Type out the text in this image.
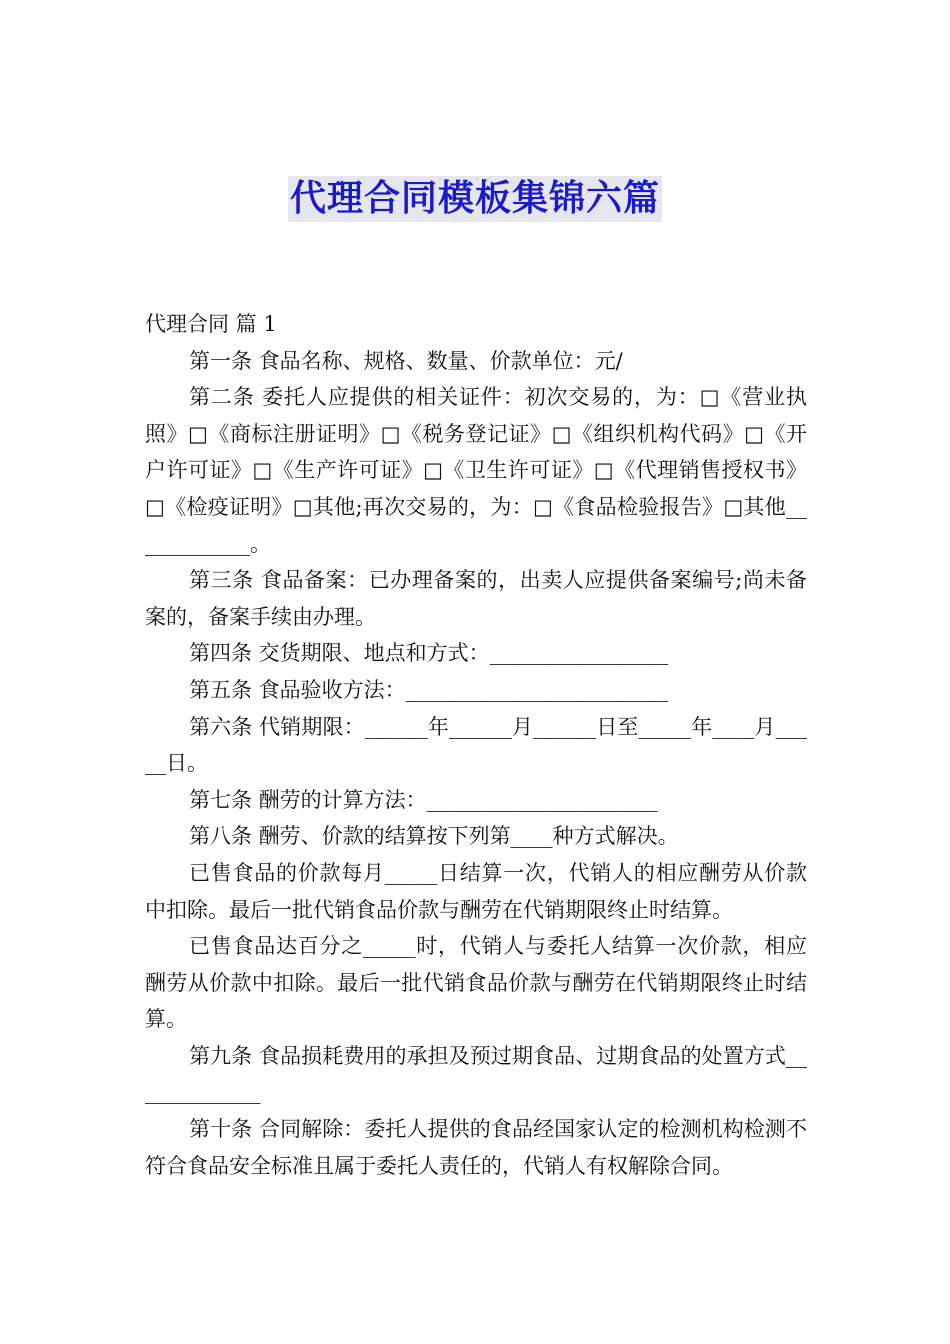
代理合同模板集锦六篇

代理合同 篇 1

第一条 食品名称、规格、数量、价款单位：元/

第二条 委托人应提供的相关证件：初次交易的，为：□《营业执照》□《商标注册证明》□《税务登记证》□《组织机构代码》□《开户许可证》□《生产许可证》□《卫生许可证》□《代理销售授权书》□《检疫证明》□其他;再次交易的，为：□《食品检验报告》□其他____________。

第三条 食品备案：已办理备案的，出卖人应提供备案编号;尚未备案的，备案手续由办理。

第四条 交货期限、地点和方式：_________________

第五条 食品验收方法：_________________________

第六条 代销期限：______年______月______日至_____年____月_____日。

第七条 酬劳的计算方法：______________________

第八条 酬劳、价款的结算按下列第____种方式解决。

已售食品的价款每月_____日结算一次，代销人的相应酬劳从价款中扣除。最后一批代销食品价款与酬劳在代销期限终止时结算。

已售食品达百分之_____时，代销人与委托人结算一次价款，相应酬劳从价款中扣除。最后一批代销食品价款与酬劳在代销期限终止时结算。

第九条 食品损耗费用的承担及预过期食品、过期食品的处置方式_____________

第十条 合同解除：委托人提供的食品经国家认定的检测机构检测不符合食品安全标准且属于委托人责任的，代销人有权解除合同。
